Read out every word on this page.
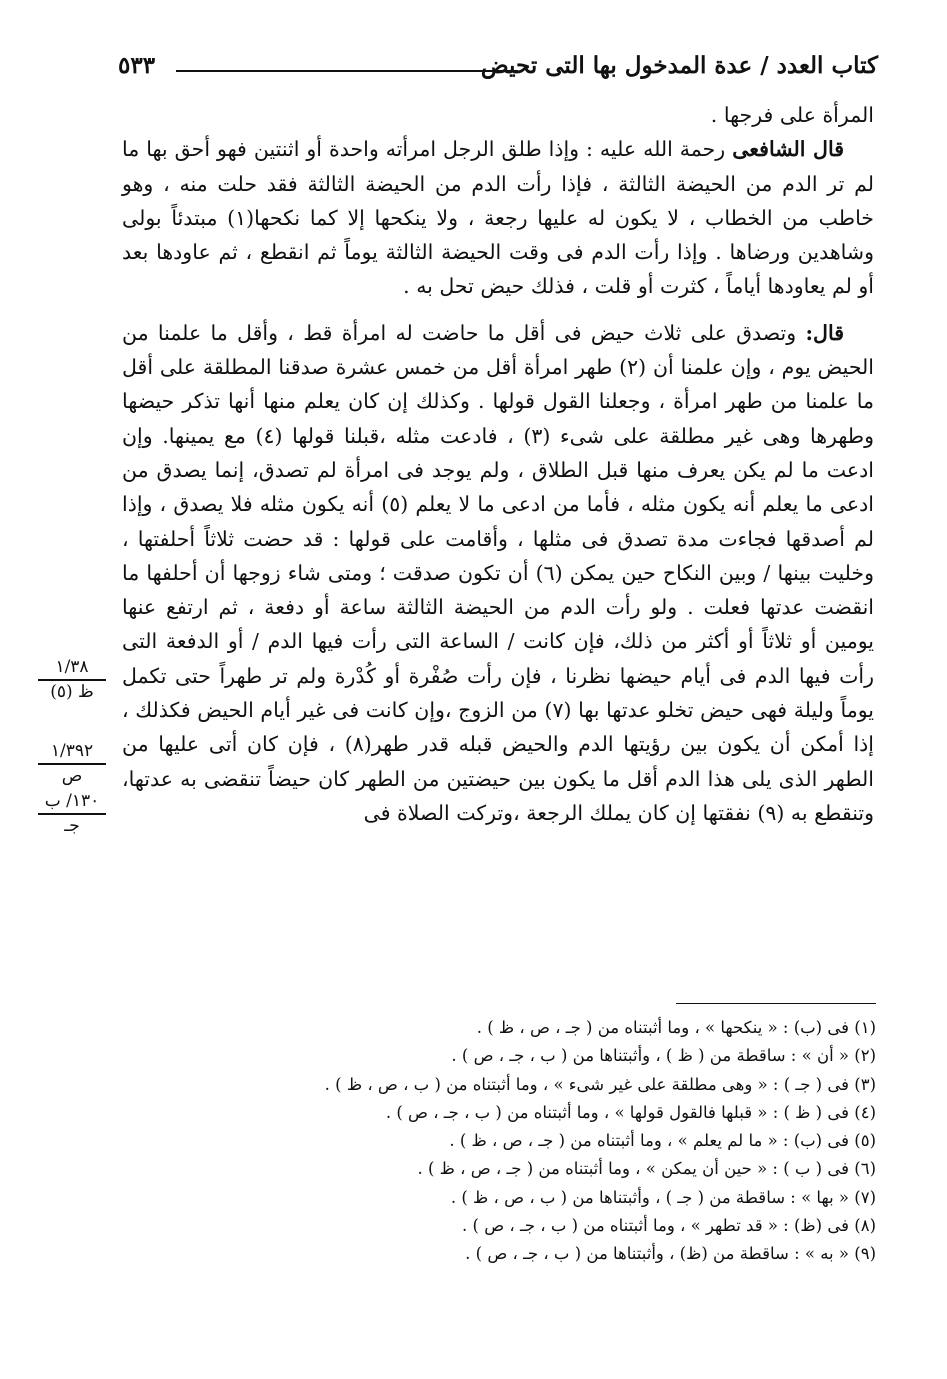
كتاب العدد / عدة المدخول بها التى تحيض
٥٣٣

المرأة على فرجها .

قال الشافعى رحمة الله عليه : وإذا طلق الرجل امرأته واحدة أو اثنتين فهو أحق بها ما لم تر الدم من الحيضة الثالثة ، فإذا رأت الدم من الحيضة الثالثة فقد حلت منه ، وهو خاطب من الخطاب ، لا يكون له عليها رجعة ، ولا ينكحها إلا كما نكحها(١) مبتدئاً بولى وشاهدين ورضاها . وإذا رأت الدم فى وقت الحيضة الثالثة يوماً ثم انقطع ، ثم عاودها بعد أو لم يعاودها أياماً ، كثرت أو قلت ، فذلك حيض تحل به .

قال: وتصدق على ثلاث حيض فى أقل ما حاضت له امرأة قط ، وأقل ما علمنا من الحيض يوم ، وإن علمنا أن (٢) طهر امرأة أقل من خمس عشرة صدقنا المطلقة على أقل ما علمنا من طهر امرأة ، وجعلنا القول قولها . وكذلك إن كان يعلم منها أنها تذكر حيضها وطهرها وهى غير مطلقة على شىء (٣) ، فادعت مثله ،قبلنا قولها (٤) مع يمينها. وإن ادعت ما لم يكن يعرف منها قبل الطلاق ، ولم يوجد فى امرأة لم تصدق، إنما يصدق من ادعى ما يعلم أنه يكون مثله ، فأما من ادعى ما لا يعلم (٥) أنه يكون مثله فلا يصدق ، وإذا لم أصدقها فجاءت مدة تصدق فى مثلها ، وأقامت على قولها : قد حضت ثلاثاً أحلفتها ، وخليت بينها / وبين النكاح حين يمكن (٦) أن تكون صدقت ؛ ومتى شاء زوجها أن أحلفها ما انقضت عدتها فعلت . ولو رأت الدم من الحيضة الثالثة ساعة أو دفعة ، ثم ارتفع عنها يومين أو ثلاثاً أو أكثر من ذلك، فإن كانت / الساعة التى رأت فيها الدم / أو الدفعة التى رأت فيها الدم فى أيام حيضها نظرنا ، فإن رأت صُفْرة أو كُدْرة ولم تر طهراً حتى تكمل يوماً وليلة فهى حيض تخلو عدتها بها (٧) من الزوج ،وإن كانت فى غير أيام الحيض فكذلك ، إذا أمكن أن يكون بين رؤيتها الدم والحيض قبله قدر طهر(٨) ، فإن كان أتى عليها من الطهر الذى يلى هذا الدم أقل ما يكون بين حيضتين من الطهر كان حيضاً تنقضى به عدتها، وتنقطع به (٩) نفقتها إن كان يملك الرجعة ،وتركت الصلاة فى

١/٣٨
ظ (٥)
١/٣٩٢
ص
١٣٠/ ب
جـ

(١) فى (ب) : « ينكحها » ، وما أثبتناه من ( جـ ، ص ، ظ ) .

(٢) « أن » : ساقطة من ( ظ ) ، وأثبتناها من ( ب ، جـ ، ص ) .

(٣) فى ( جـ ) : « وهى مطلقة على غير شىء » ، وما أثبتناه من ( ب ، ص ، ظ ) .

(٤) فى ( ظ ) : « قبلها فالقول قولها » ، وما أثبتناه من ( ب ، جـ ، ص ) .

(٥) فى (ب) : « ما لم يعلم » ، وما أثبتناه من ( جـ ، ص ، ظ ) .

(٦) فى ( ب ) : « حين أن يمكن » ، وما أثبتناه من ( جـ ، ص ، ظ ) .

(٧) « بها » : ساقطة من ( جـ ) ، وأثبتناها من ( ب ، ص ، ظ ) .

(٨) فى (ظ) : « قد تطهر » ، وما أثبتناه من ( ب ، جـ ، ص ) .

(٩) « به » : ساقطة من (ظ) ، وأثبتناها من ( ب ، جـ ، ص ) .
